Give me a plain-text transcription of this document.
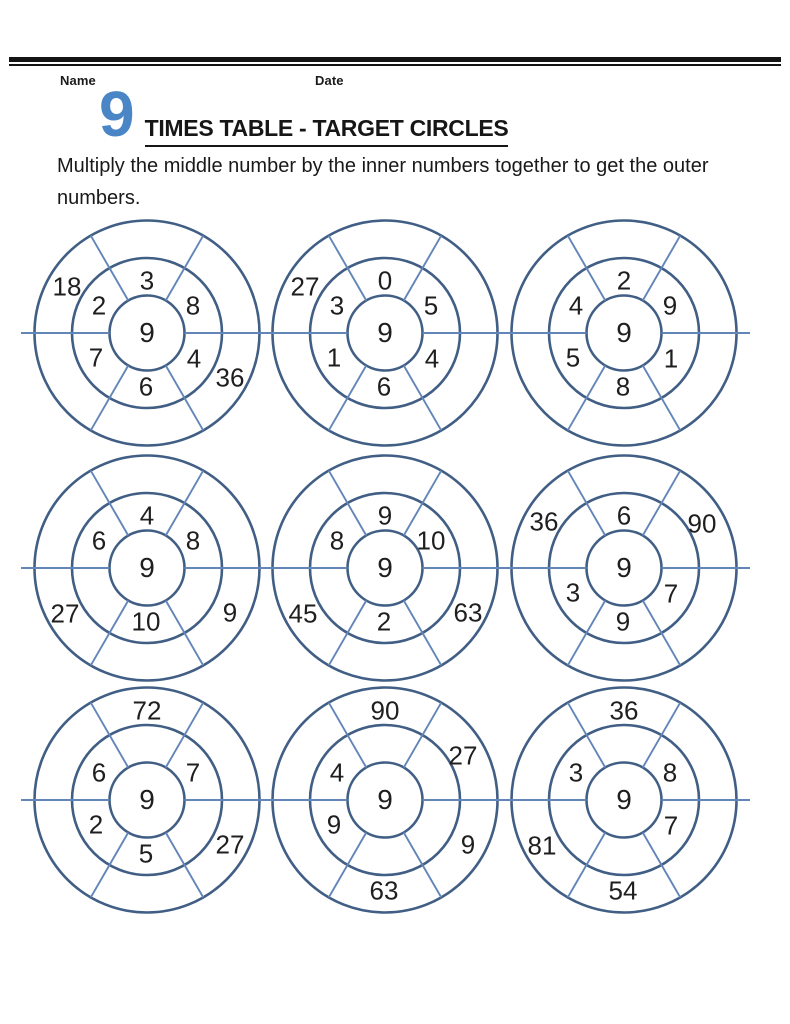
Name	Date
9 TIMES TABLE - TARGET CIRCLES

Multiply the middle number by the inner numbers together to get the outer numbers.

9
3
8
4
6
7
2
36
18
9
0
5
4
6
1
3
27
9
2
9
1
8
5
4
9
4
8
10
6
9
27
9
9
10
2
8
63
45
9
6
7
9
3
90
36
9
7
5
2
6
72
27
9
9
4
90
27
9
63
9
8
7
3
36
54
81
